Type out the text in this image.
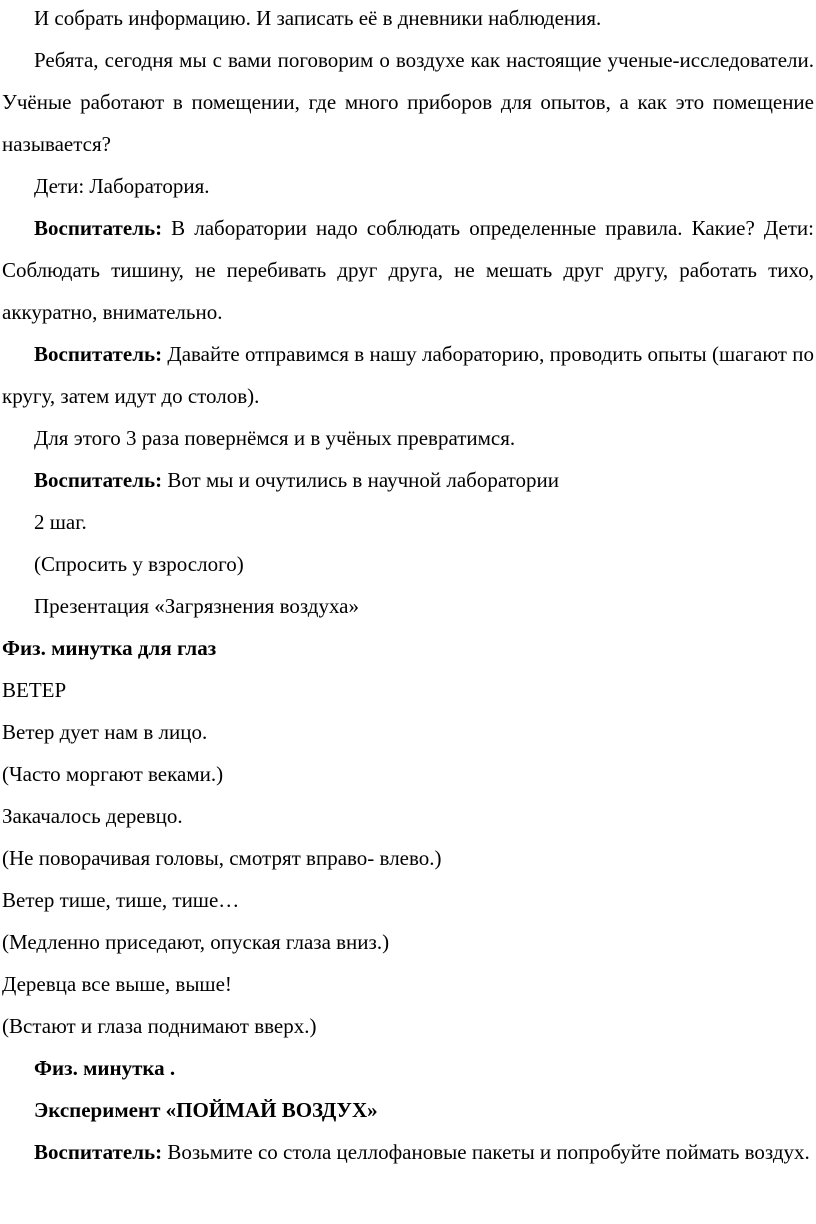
И собрать информацию. И записать её в дневники наблюдения.

Ребята, сегодня мы с вами поговорим о воздухе как настоящие ученые-исследователи. Учёные работают в помещении, где много приборов для опытов, а как это помещение называется?

Дети: Лаборатория.

Воспитатель: В лаборатории надо соблюдать определенные правила. Какие? Дети: Соблюдать тишину, не перебивать друг друга, не мешать друг другу, работать тихо, аккуратно, внимательно.

Воспитатель: Давайте отправимся в нашу лабораторию, проводить опыты (шагают по кругу, затем идут до столов).

Для этого 3 раза повернёмся и в учёных превратимся.

Воспитатель: Вот мы и очутились в научной лаборатории

2 шаг.

(Спросить у взрослого)

Презентация «Загрязнения воздуха»

Физ. минутка для глаз

ВЕТЕР

Ветер дует нам в лицо.

(Часто моргают веками.)

Закачалось деревцо.

(Не поворачивая головы, смотрят вправо- влево.)

Ветер тише, тише, тише…

(Медленно приседают, опуская глаза вниз.)

Деревца все выше, выше!

(Встают и глаза поднимают вверх.)

Физ. минутка .

Эксперимент «ПОЙМАЙ ВОЗДУХ»

Воспитатель: Возьмите со стола целлофановые пакеты и попробуйте поймать воздух.
